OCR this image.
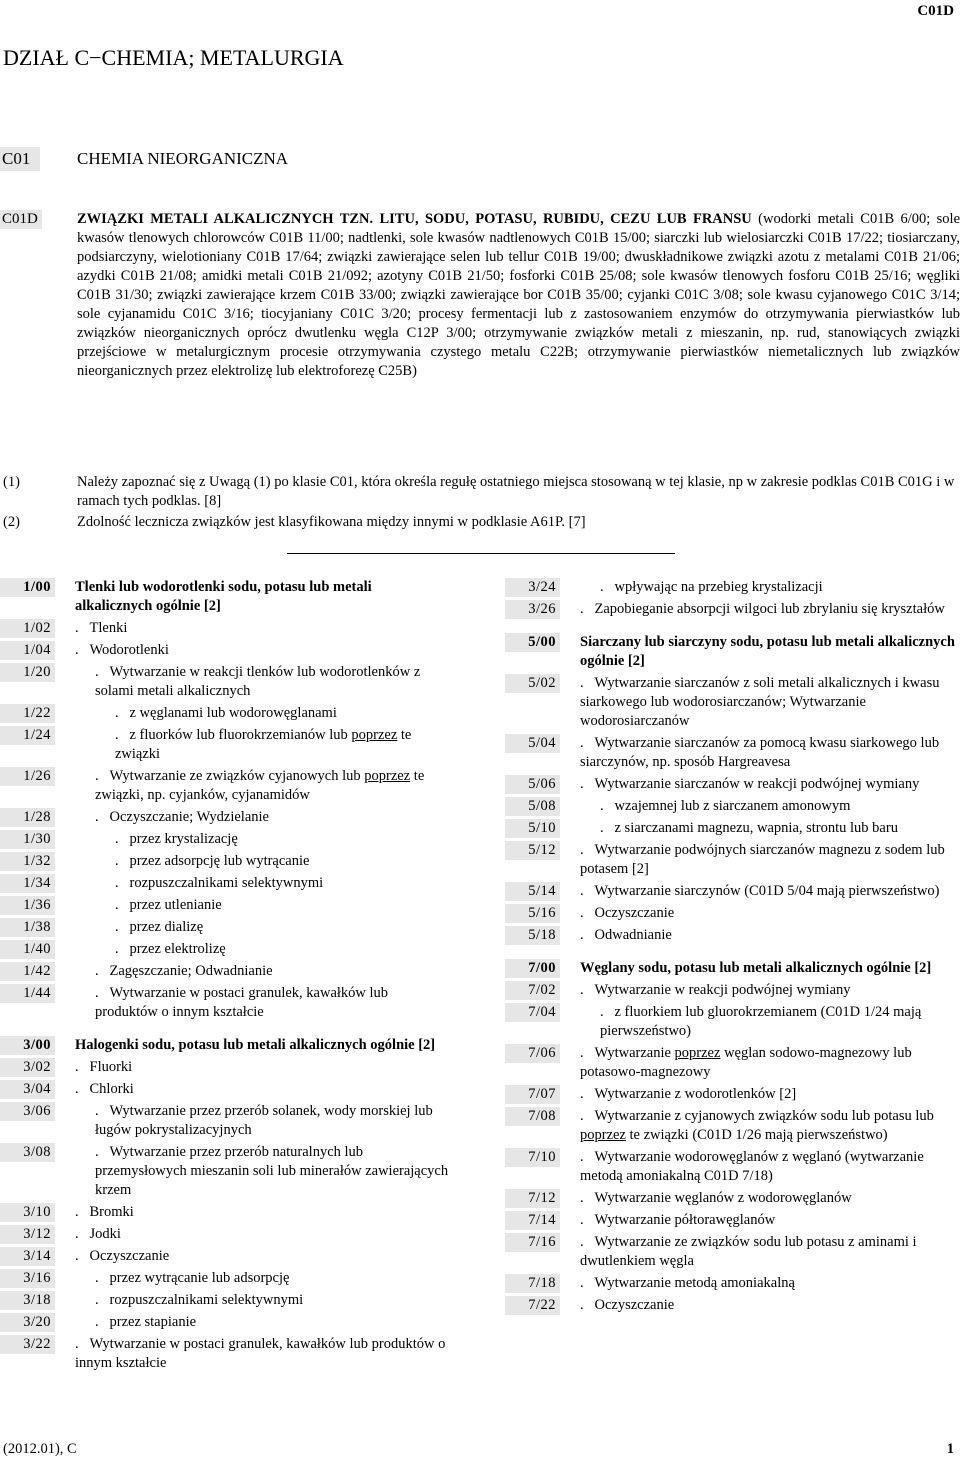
C01D
DZIAŁ C−CHEMIA; METALURGIA
C01	CHEMIA NIEORGANICZNA
C01D	ZWIĄZKI METALI ALKALICZNYCH TZN. LITU, SODU, POTASU, RUBIDU, CEZU LUB FRANSU (wodorki metali C01B 6/00; sole kwasów tlenowych chlorowców C01B 11/00; nadtlenki, sole kwasów nadtlenowych C01B 15/00; siarczki lub wielosiarczki C01B 17/22; tiosiarczany, podsiarczyny, wielotioniany C01B 17/64; związki zawierające selen lub tellur C01B 19/00; dwuskładnikowe związki azotu z metalami C01B 21/06; azydki C01B 21/08; amidki metali C01B 21/092; azotyny C01B 21/50; fosforki C01B 25/08; sole kwasów tlenowych fosforu C01B 25/16; węgliki C01B 31/30; związki zawierające krzem C01B 33/00; związki zawierające bor C01B 35/00; cyjanki C01C 3/08; sole kwasu cyjanowego C01C 3/14; sole cyjanamidu C01C 3/16; tiocyjaniany C01C 3/20; procesy fermentacji lub z zastosowaniem enzymów do otrzymywania pierwiastków lub związków nieorganicznych oprócz dwutlenku węgla C12P 3/00; otrzymywanie związków metali z mieszanin, np. rud, stanowiących związki przejściowe w metalurgicznym procesie otrzymywania czystego metalu C22B; otrzymywanie pierwiastków niemetalicznych lub związków nieorganicznych przez elektrolizę lub elektroforezę C25B)
(1)	Należy zapoznać się z Uwagą (1) po klasie C01, która określa regułę ostatniego miejsca stosowaną w tej klasie, np w zakresie podklas C01B C01G i w ramach tych podklas. [8]
(2)	Zdolność lecznicza związków jest klasyfikowana między innymi w podklasie A61P. [7]
1/00 Tlenki lub wodorotlenki sodu, potasu lub metali alkalicznych ogólnie [2]
1/02 .  Tlenki
1/04 .  Wodorotlenki
1/20	.  Wytwarzanie w reakcji tlenków lub wodorotlenków z solami metali alkalicznych
1/22	.  z węglanami lub wodorowęglanami
1/24	.  z fluorków lub fluorokrzemianów lub poprzez te związki
1/26	.  Wytwarzanie ze związków cyjanowych lub poprzez te związki, np. cyjanków, cyjanamidów
1/28	.  Oczyszczanie; Wydzielanie
1/30	.  przez krystalizację
1/32	.  przez adsorpcję lub wytrącanie
1/34	.  rozpuszczalnikami selektywnymi
1/36	.  przez utlenianie
1/38	.  przez dializę
1/40	.  przez elektrolizę
1/42	.  Zagęszczanie; Odwadnianie
1/44	.  Wytwarzanie w postaci granulek, kawałków lub produktów o innym kształcie
3/00 Halogenki sodu, potasu lub metali alkalicznych ogólnie [2]
3/02 .  Fluorki
3/04 .  Chlorki
3/06	.  Wytwarzanie przez przerób solanek, wody morskiej lub ługów pokrystalizacyjnych
3/08	.  Wytwarzanie przez przerób naturalnych lub przemysłowych mieszanin soli lub minerałów zawierających krzem
3/10 .  Bromki
3/12 .  Jodki
3/14 .  Oczyszczanie
3/16	.  przez wytrącanie lub adsorpcję
3/18	.  rozpuszczalnikami selektywnymi
3/20	.  przez stapianie
3/22 .  Wytwarzanie w postaci granulek, kawałków lub produktów o innym kształcie
3/24	.  wpływając na przebieg krystalizacji
3/26 .  Zapobieganie absorpcji wilgoci lub zbrylaniu się kryształów
5/00 Siarczany lub siarczyny sodu, potasu lub metali alkalicznych ogólnie [2]
5/02 .  Wytwarzanie siarczanów z soli metali alkalicznych i kwasu siarkowego lub wodorosiarczanów; Wytwarzanie wodorosiarczanów
5/04 .  Wytwarzanie siarczanów za pomocą kwasu siarkowego lub siarczynów, np. sposób Hargreavesa
5/06 .  Wytwarzanie siarczanów w reakcji podwójnej wymiany
5/08	.  wzajemnej lub z siarczanem amonowym
5/10	.  z siarczanami magnezu, wapnia, strontu lub baru
5/12 .  Wytwarzanie podwójnych siarczanów magnezu z sodem lub potasem [2]
5/14 .  Wytwarzanie siarczynów (C01D 5/04 mają pierwszeństwo)
5/16 .  Oczyszczanie
5/18 .  Odwadnianie
7/00 Węglany sodu, potasu lub metali alkalicznych ogólnie [2]
7/02 .  Wytwarzanie w reakcji podwójnej wymiany
7/04	.  z fluorkiem lub gluorokrzemianem (C01D 1/24 mają pierwszeństwo)
7/06 .  Wytwarzanie poprzez węglan sodowo-magnezowy lub potasowo-magnezowy
7/07 .  Wytwarzanie z wodorotlenków [2]
7/08 .  Wytwarzanie z cyjanowych związków sodu lub potasu lub poprzez te związki (C01D 1/26 mają pierwszeństwo)
7/10 .  Wytwarzanie wodorowęglanów z węglanó (wytwarzanie metodą amoniakalną C01D 7/18)
7/12 .  Wytwarzanie węglanów z wodorowęglanów
7/14 .  Wytwarzanie półtorawęglanów
7/16 .  Wytwarzanie ze związków sodu lub potasu z aminami i dwutlenkiem węgla
7/18 .  Wytwarzanie metodą amoniakalną
7/22 .  Oczyszczanie
(2012.01), C	1
